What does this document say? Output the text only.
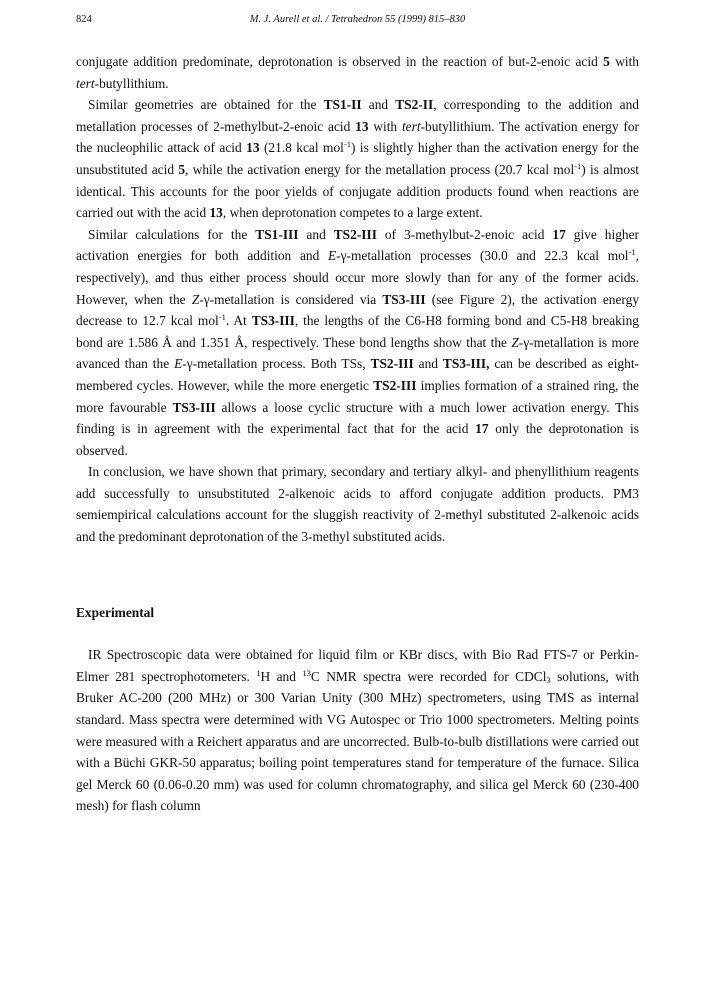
824	M. J. Aurell et al. / Tetrahedron 55 (1999) 815–830

conjugate addition predominate, deprotonation is observed in the reaction of but-2-enoic acid 5 with tert-butyllithium.

Similar geometries are obtained for the TS1-II and TS2-II, corresponding to the addition and metallation processes of 2-methylbut-2-enoic acid 13 with tert-butyllithium. The activation energy for the nucleophilic attack of acid 13 (21.8 kcal mol$^{-1}$) is slightly higher than the activation energy for the unsubstituted acid 5, while the activation energy for the metallation process (20.7 kcal mol$^{-1}$) is almost identical. This accounts for the poor yields of conjugate addition products found when reactions are carried out with the acid 13, when deprotonation competes to a large extent.

Similar calculations for the TS1-III and TS2-III of 3-methylbut-2-enoic acid 17 give higher activation energies for both addition and E-γ-metallation processes (30.0 and 22.3 kcal mol$^{-1}$, respectively), and thus either process should occur more slowly than for any of the former acids. However, when the Z-γ-metallation is considered via TS3-III (see Figure 2), the activation energy decrease to 12.7 kcal mol$^{-1}$. At TS3-III, the lengths of the C6-H8 forming bond and C5-H8 breaking bond are 1.586 Å and 1.351 Å, respectively. These bond lengths show that the Z-γ-metallation is more avanced than the E-γ-metallation process. Both TSs, TS2-III and TS3-III, can be described as eight-membered cycles. However, while the more energetic TS2-III implies formation of a strained ring, the more favourable TS3-III allows a loose cyclic structure with a much lower activation energy. This finding is in agreement with the experimental fact that for the acid 17 only the deprotonation is observed.

In conclusion, we have shown that primary, secondary and tertiary alkyl- and phenyllithium reagents add successfully to unsubstituted 2-alkenoic acids to afford conjugate addition products. PM3 semiempirical calculations account for the sluggish reactivity of 2-methyl substituted 2-alkenoic acids and the predominant deprotonation of the 3-methyl substituted acids.

Experimental

IR Spectroscopic data were obtained for liquid film or KBr discs, with Bio Rad FTS-7 or Perkin-Elmer 281 spectrophotometers. $^1$H and $^{13}$C NMR spectra were recorded for CDCl$_3$ solutions, with Bruker AC-200 (200 MHz) or 300 Varian Unity (300 MHz) spectrometers, using TMS as internal standard. Mass spectra were determined with VG Autospec or Trio 1000 spectrometers. Melting points were measured with a Reichert apparatus and are uncorrected. Bulb-to-bulb distillations were carried out with a Büchi GKR-50 apparatus; boiling point temperatures stand for temperature of the furnace. Silica gel Merck 60 (0.06-0.20 mm) was used for column chromatography, and silica gel Merck 60 (230-400 mesh) for flash column
